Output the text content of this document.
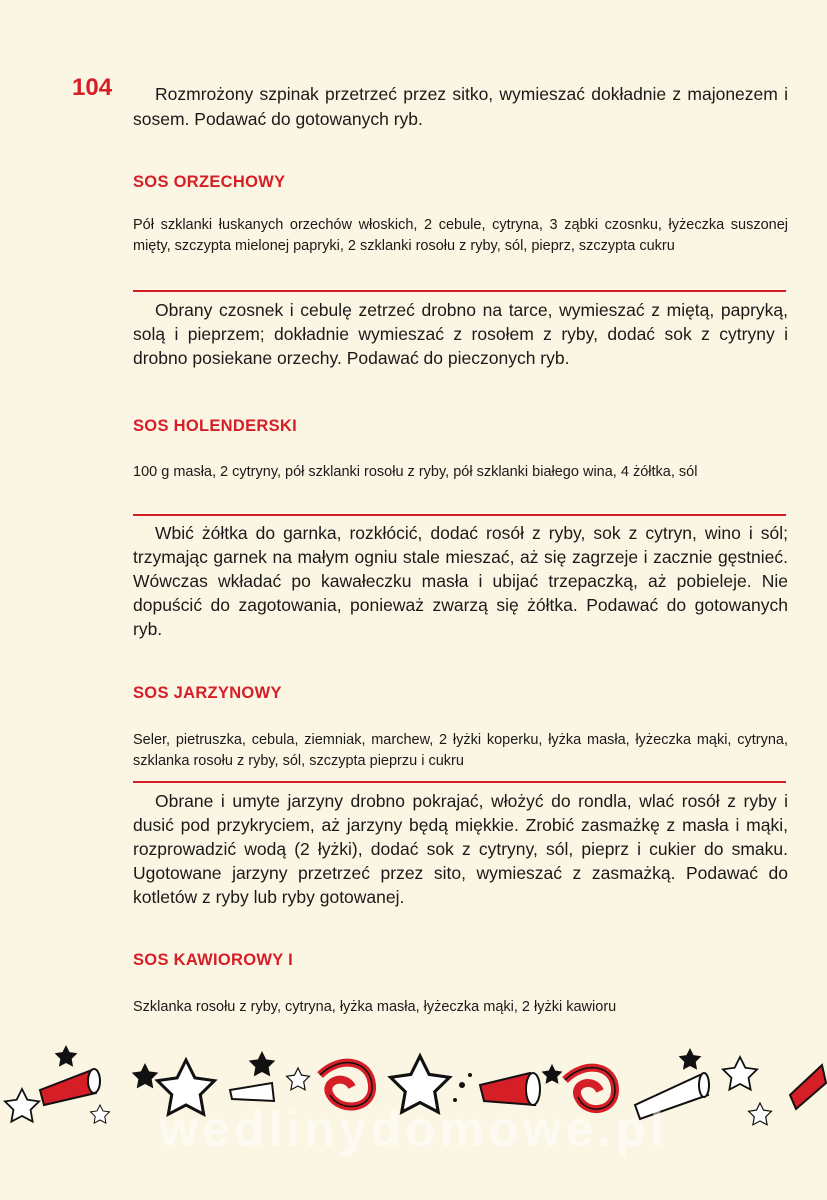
104	Rozmrożony szpinak przetrzeć przez sitko, wymieszać dokładnie z majonezem i sosem. Podawać do gotowanych ryb.

SOS ORZECHOWY

Pół szklanki łuskanych orzechów włoskich, 2 cebule, cytryna, 3 ząbki czosnku, łyżeczka suszonej mięty, szczypta mielonej papryki, 2 szklanki rosołu z ryby, sól, pieprz, szczypta cukru

Obrany czosnek i cebulę zetrzeć drobno na tarce, wymieszać z miętą, papryką, solą i pieprzem; dokładnie wymieszać z rosołem z ryby, dodać sok z cytryny i drobno posiekane orzechy. Podawać do pieczonych ryb.

SOS HOLENDERSKI

100 g masła, 2 cytryny, pół szklanki rosołu z ryby, pół szklanki białego wina, 4 żółtka, sól

Wbić żółtka do garnka, rozkłócić, dodać rosół z ryby, sok z cytryn, wino i sól; trzymając garnek na małym ogniu stale mieszać, aż się zagrzeje i zacznie gęstnieć. Wówczas wkładać po kawałeczku masła i ubijać trzepaczką, aż pobieleje. Nie dopuścić do zagotowania, ponieważ zwarzą się żółtka. Podawać do gotowanych ryb.

SOS JARZYNOWY

Seler, pietruszka, cebula, ziemniak, marchew, 2 łyżki koperku, łyżka masła, łyżeczka mąki, cytryna, szklanka rosołu z ryby, sól, szczypta pieprzu i cukru

Obrane i umyte jarzyny drobno pokrajać, włożyć do rondla, wlać rosół z ryby i dusić pod przykryciem, aż jarzyny będą miękkie. Zrobić zasmażkę z masła i mąki, rozprowadzić wodą (2 łyżki), dodać sok z cytryny, sól, pieprz i cukier do smaku. Ugotowane jarzyny przetrzeć przez sito, wymieszać z zasmażką. Podawać do kotletów z ryby lub ryby gotowanej.

SOS KAWIOROWY I

Szklanka rosołu z ryby, cytryna, łyżka masła, łyżeczka mąki, 2 łyżki kawioru

wedlinydomowe.pl
